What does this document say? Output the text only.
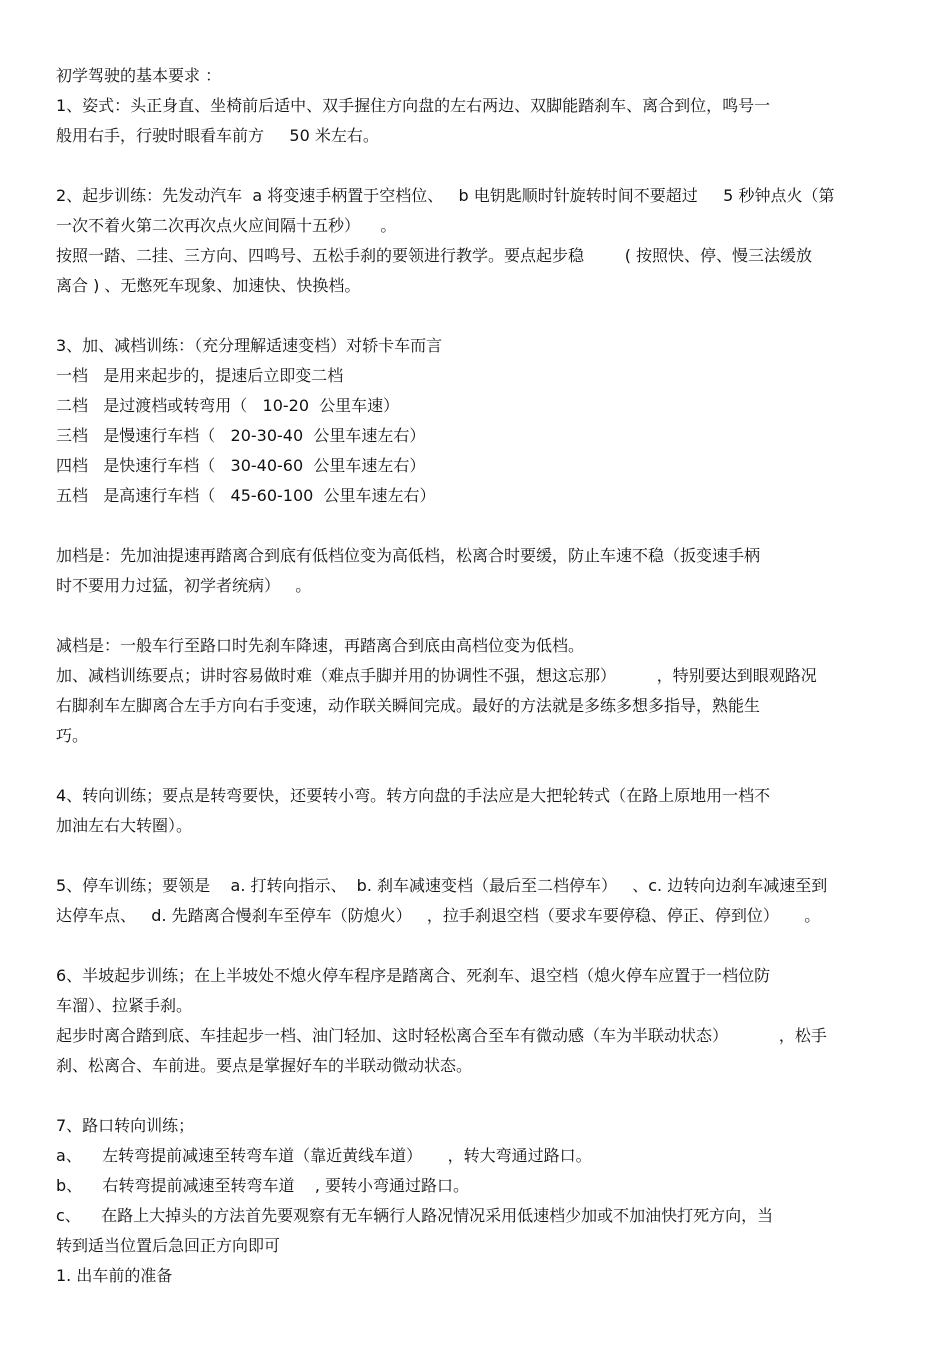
初学驾驶的基本要求 ：

1、姿式：头正身直、坐椅前后适中、双手握住方向盘的左右两边、双脚能踏刹车、离合到位，鸣号一

般用右手，行驶时眼看车前方     50 米左右。

2、起步训练：先发动汽车  a 将变速手柄置于空档位、   b 电钥匙顺时针旋转时间不要超过     5 秒钟点火（第

一次不着火第二次再次点火应间隔十五秒）    。

按照一踏、二挂、三方向、四鸣号、五松手刹的要领进行教学。要点起步稳        ( 按照快、停、慢三法缓放

离合 ) 、无憋死车现象、加速快、快换档。

3、加、减档训练：（充分理解适速变档）对轿卡车而言

一档   是用来起步的，提速后立即变二档

二档   是过渡档或转弯用（   10-20  公里车速）

三档   是慢速行车档（   20-30-40  公里车速左右）

四档   是快速行车档（   30-40-60  公里车速左右）

五档   是高速行车档（   45-60-100  公里车速左右）

加档是：先加油提速再踏离合到底有低档位变为高低档，松离合时要缓，防止车速不稳（扳变速手柄

时不要用力过猛，初学者统病）   。

减档是：一般车行至路口时先刹车降速，再踏离合到底由高档位变为低档。

加、减档训练要点；讲时容易做时难（难点手脚并用的协调性不强，想这忘那）        ，特别要达到眼观路况

右脚刹车左脚离合左手方向右手变速，动作联关瞬间完成。最好的方法就是多练多想多指导，熟能生

巧。

4、转向训练；要点是转弯要快，还要转小弯。转方向盘的手法应是大把轮转式（在路上原地用一档不

加油左右大转圈）。

5、停车训练；要领是    a. 打转向指示、  b. 刹车减速变档（最后至二档停车）   、c. 边转向边刹车减速至到

达停车点、   d. 先踏离合慢刹车至停车（防熄火）   ，拉手刹退空档（要求车要停稳、停正、停到位）     。

6、半坡起步训练；在上半坡处不熄火停车程序是踏离合、死刹车、退空档（熄火停车应置于一档位防

车溜）、拉紧手刹。

起步时离合踏到底、车挂起步一档、油门轻加、这时轻松离合至车有微动感（车为半联动状态）          ，松手

刹、松离合、车前进。要点是掌握好车的半联动微动状态。

7、路口转向训练；

a、    左转弯提前减速至转弯车道（靠近黄线车道）     ，转大弯通过路口。

b、    右转弯提前减速至转弯车道    , 要转小弯通过路口。

c、    在路上大掉头的方法首先要观察有无车辆行人路况情况采用低速档少加或不加油快打死方向，当

转到适当位置后急回正方向即可

1. 出车前的准备
